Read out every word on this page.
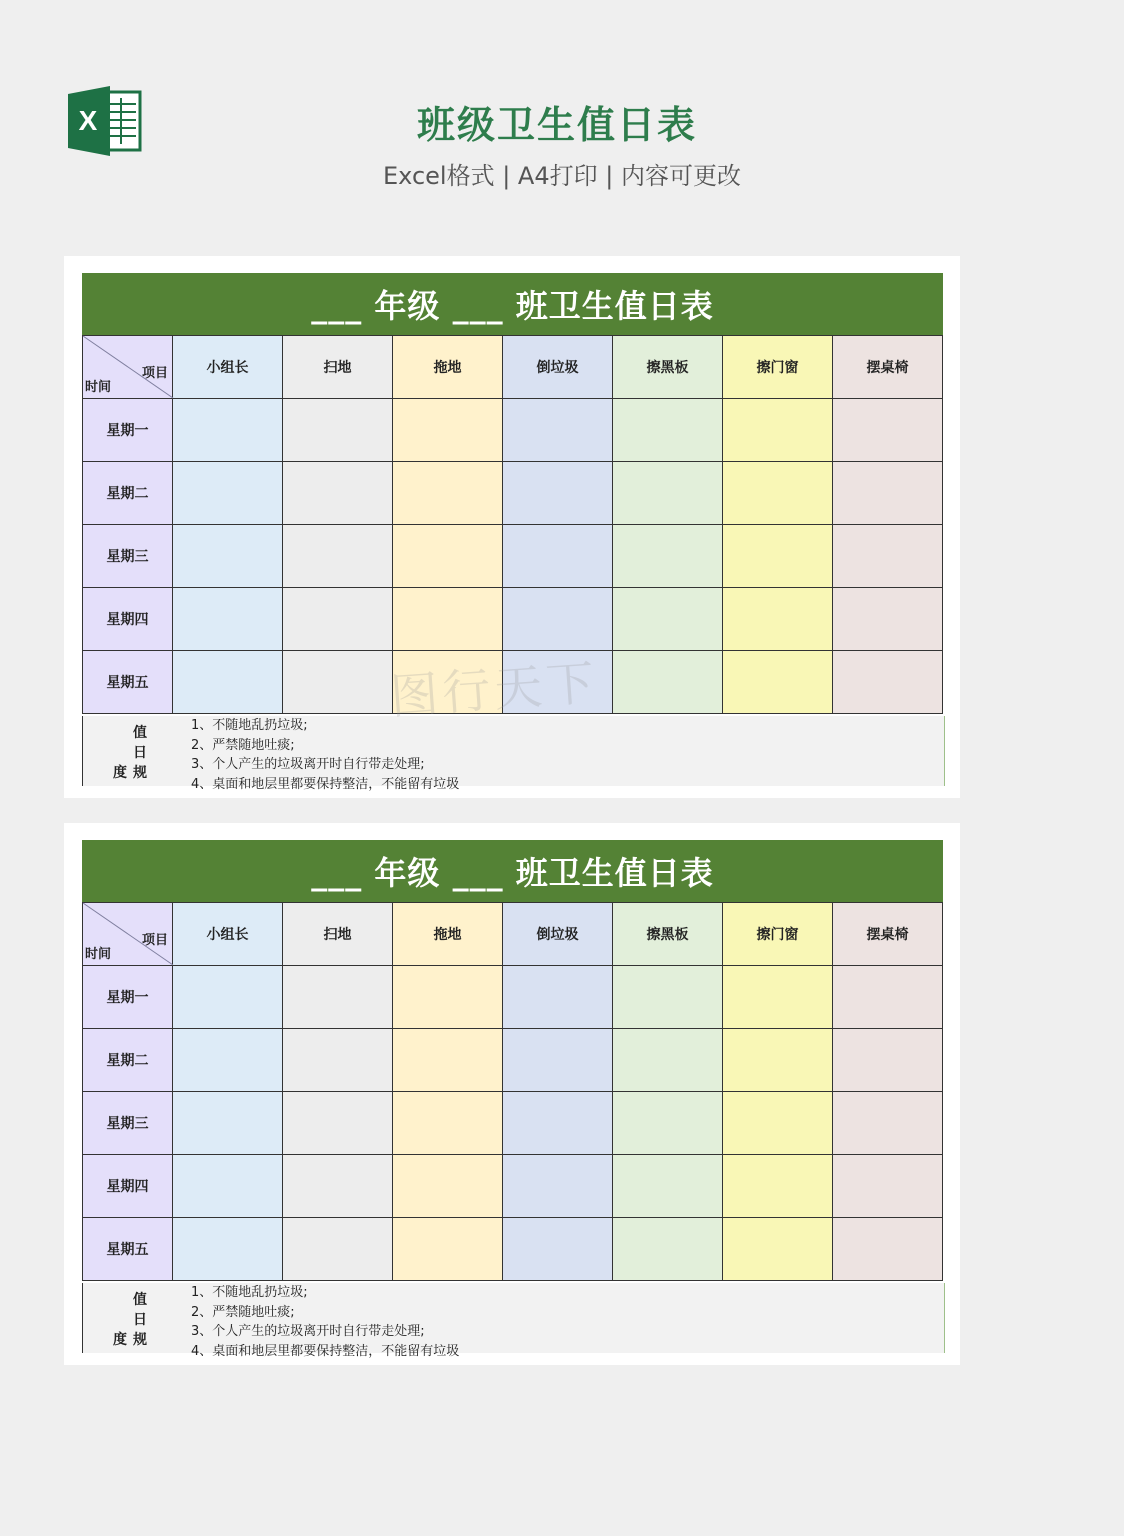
X	班级卫生值日表
Excel格式 | A4打印 | 内容可更改
___ 年级 ___ 班卫生值日表
项目
时间	小组长	扫地	拖地	倒垃圾	擦黑板	擦门窗	摆桌椅
星期一							
星期二							
星期三							
星期四							
星期五							
值
日
度 规
1、不随地乱扔垃圾;
2、严禁随地吐痰;
3、个人产生的垃圾离开时自行带走处理;
4、桌面和地层里都要保持整洁，不能留有垃圾
___ 年级 ___ 班卫生值日表
项目
时间	小组长	扫地	拖地	倒垃圾	擦黑板	擦门窗	摆桌椅
星期一							
星期二							
星期三							
星期四							
星期五							
值
日
度 规
1、不随地乱扔垃圾;
2、严禁随地吐痰;
3、个人产生的垃圾离开时自行带走处理;
4、桌面和地层里都要保持整洁，不能留有垃圾
图行天下
